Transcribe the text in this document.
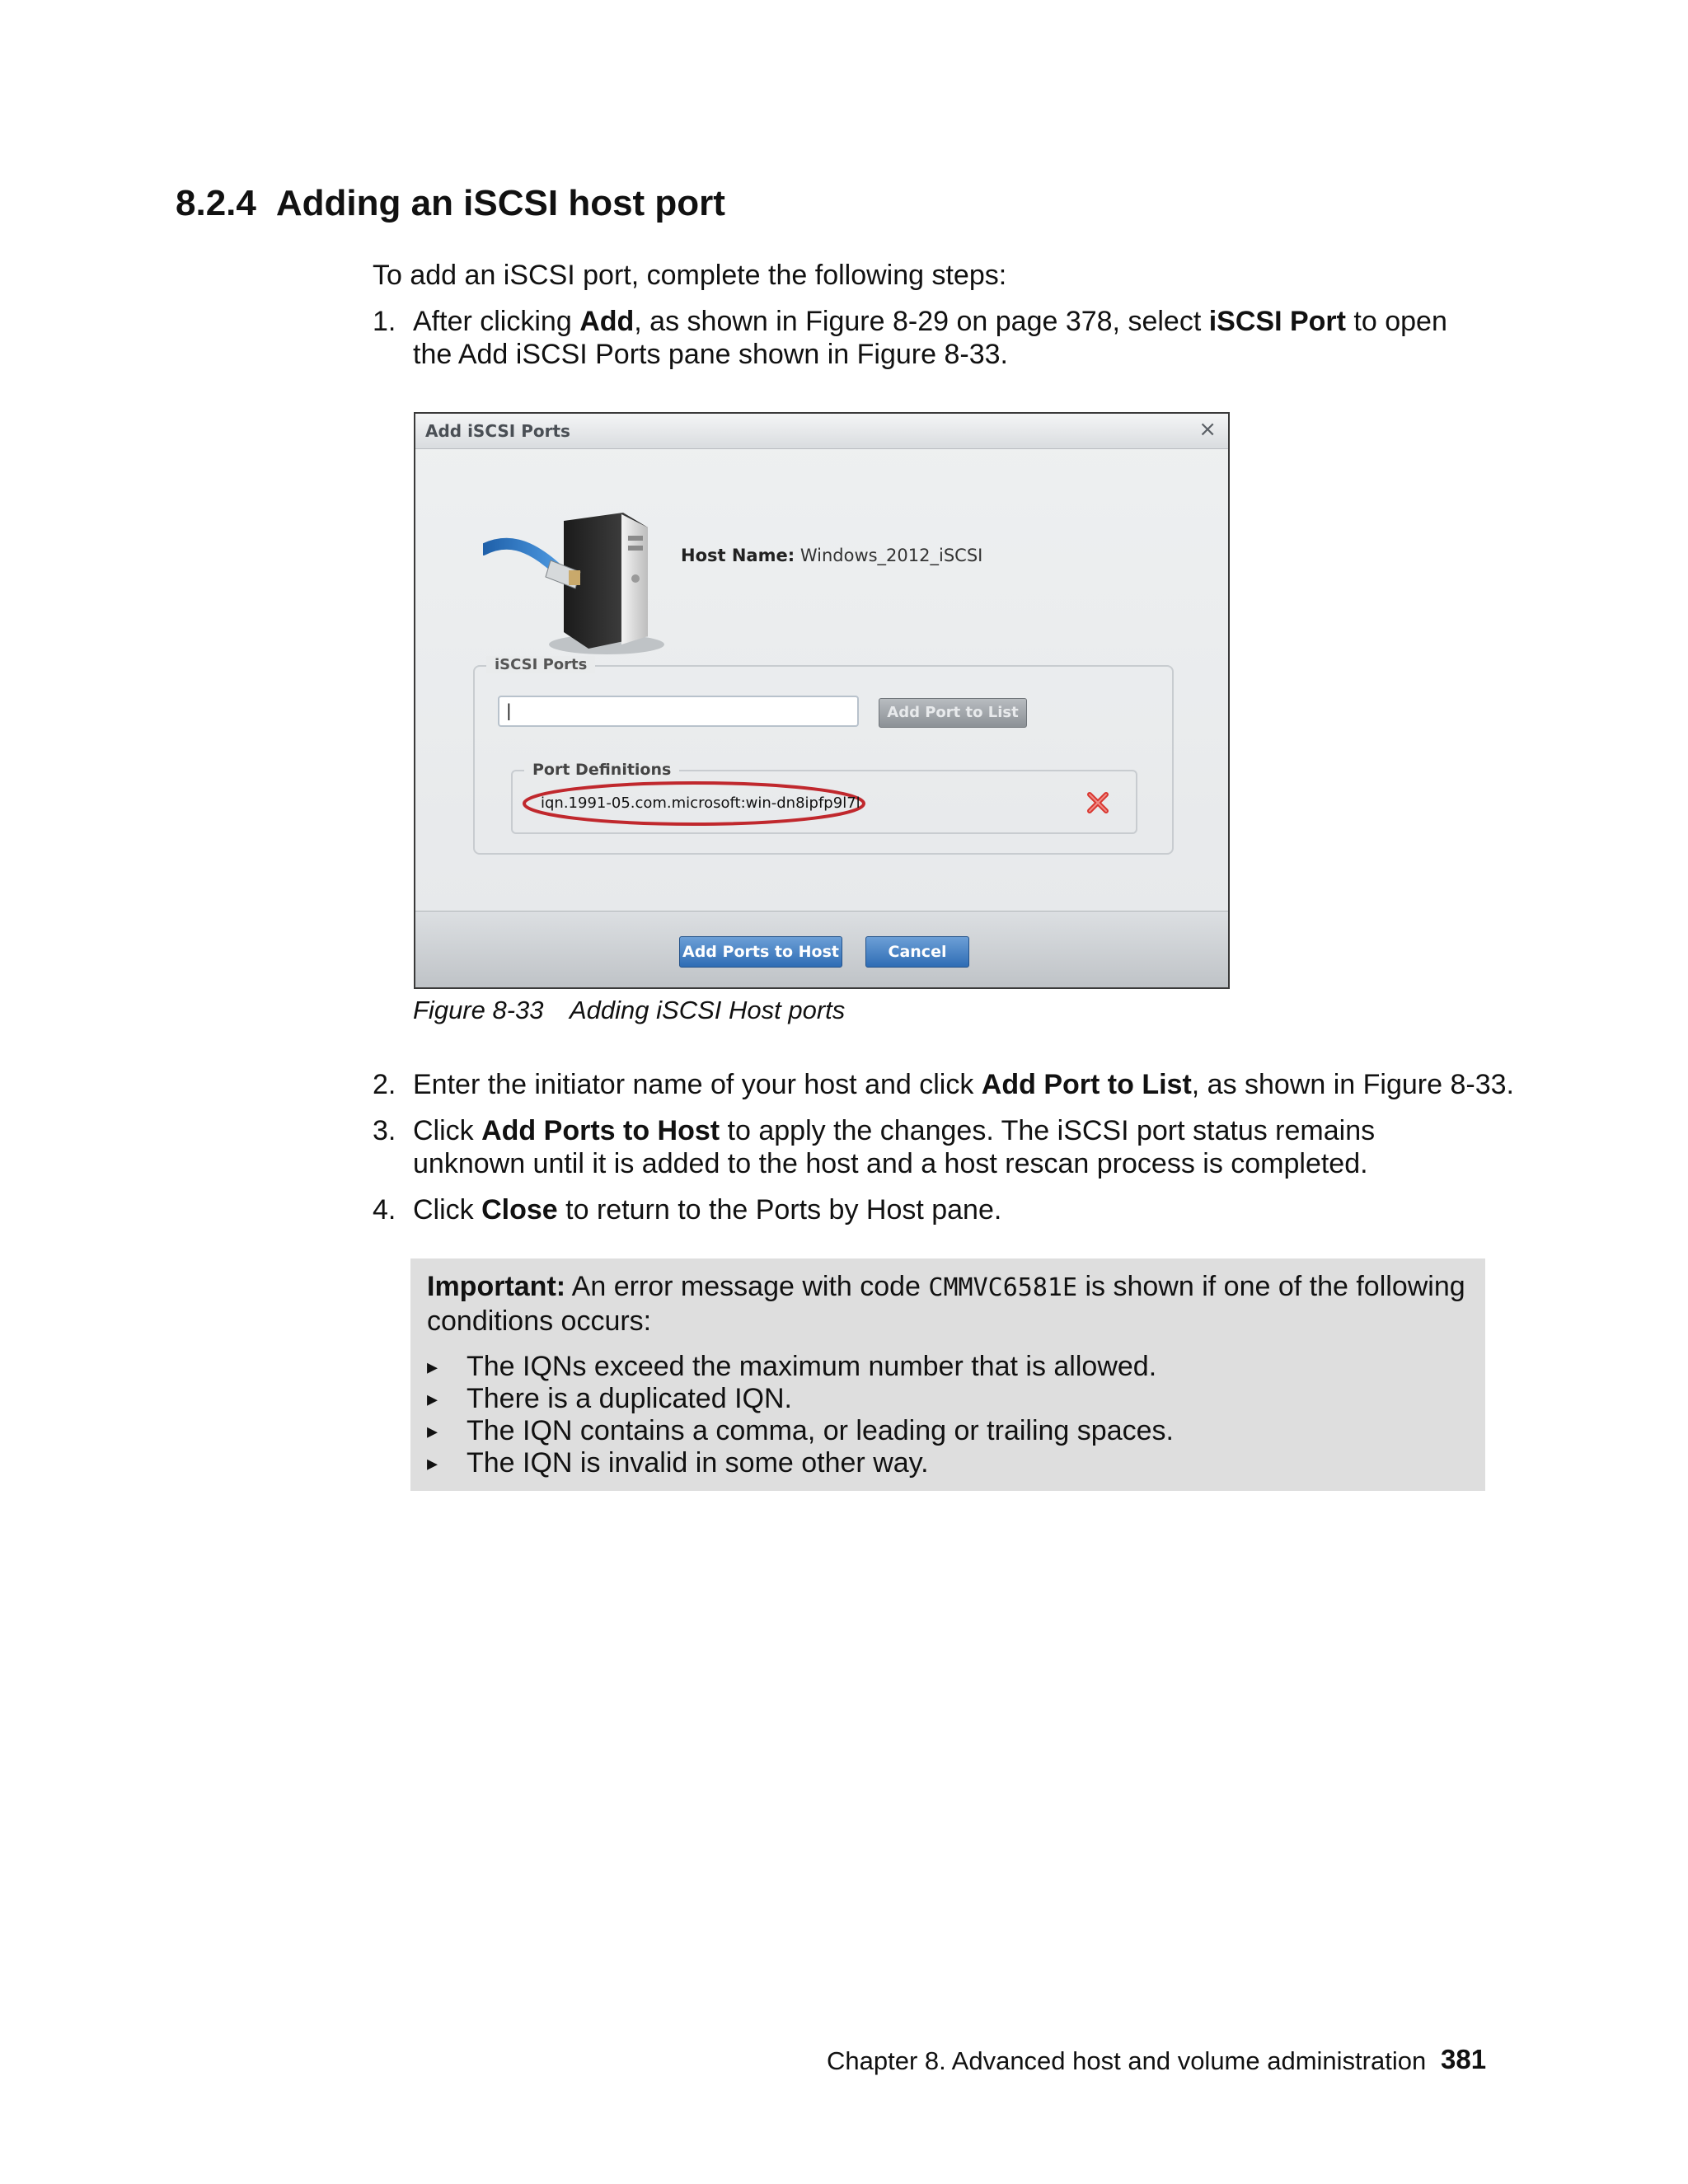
8.2.4 Adding an iSCSI host port
To add an iSCSI port, complete the following steps:
1. After clicking Add, as shown in Figure 8-29 on page 378, select iSCSI Port to open the Add iSCSI Ports pane shown in Figure 8-33.
Add iSCSI Ports	×
Host Name: Windows_2012_iSCSI
iSCSI Ports
|	Add Port to List
Port Definitions
iqn.1991-05.com.microsoft:win-dn8ipfp9l7l
Add Ports to Host	Cancel
Figure 8-33 Adding iSCSI Host ports
2. Enter the initiator name of your host and click Add Port to List, as shown in Figure 8-33.
3. Click Add Ports to Host to apply the changes. The iSCSI port status remains unknown until it is added to the host and a host rescan process is completed.
4. Click Close to return to the Ports by Host pane.
Important: An error message with code CMMVC6581E is shown if one of the following conditions occurs:
▸ The IQNs exceed the maximum number that is allowed.
▸ There is a duplicated IQN.
▸ The IQN contains a comma, or leading or trailing spaces.
▸ The IQN is invalid in some other way.
Chapter 8. Advanced host and volume administration 381
